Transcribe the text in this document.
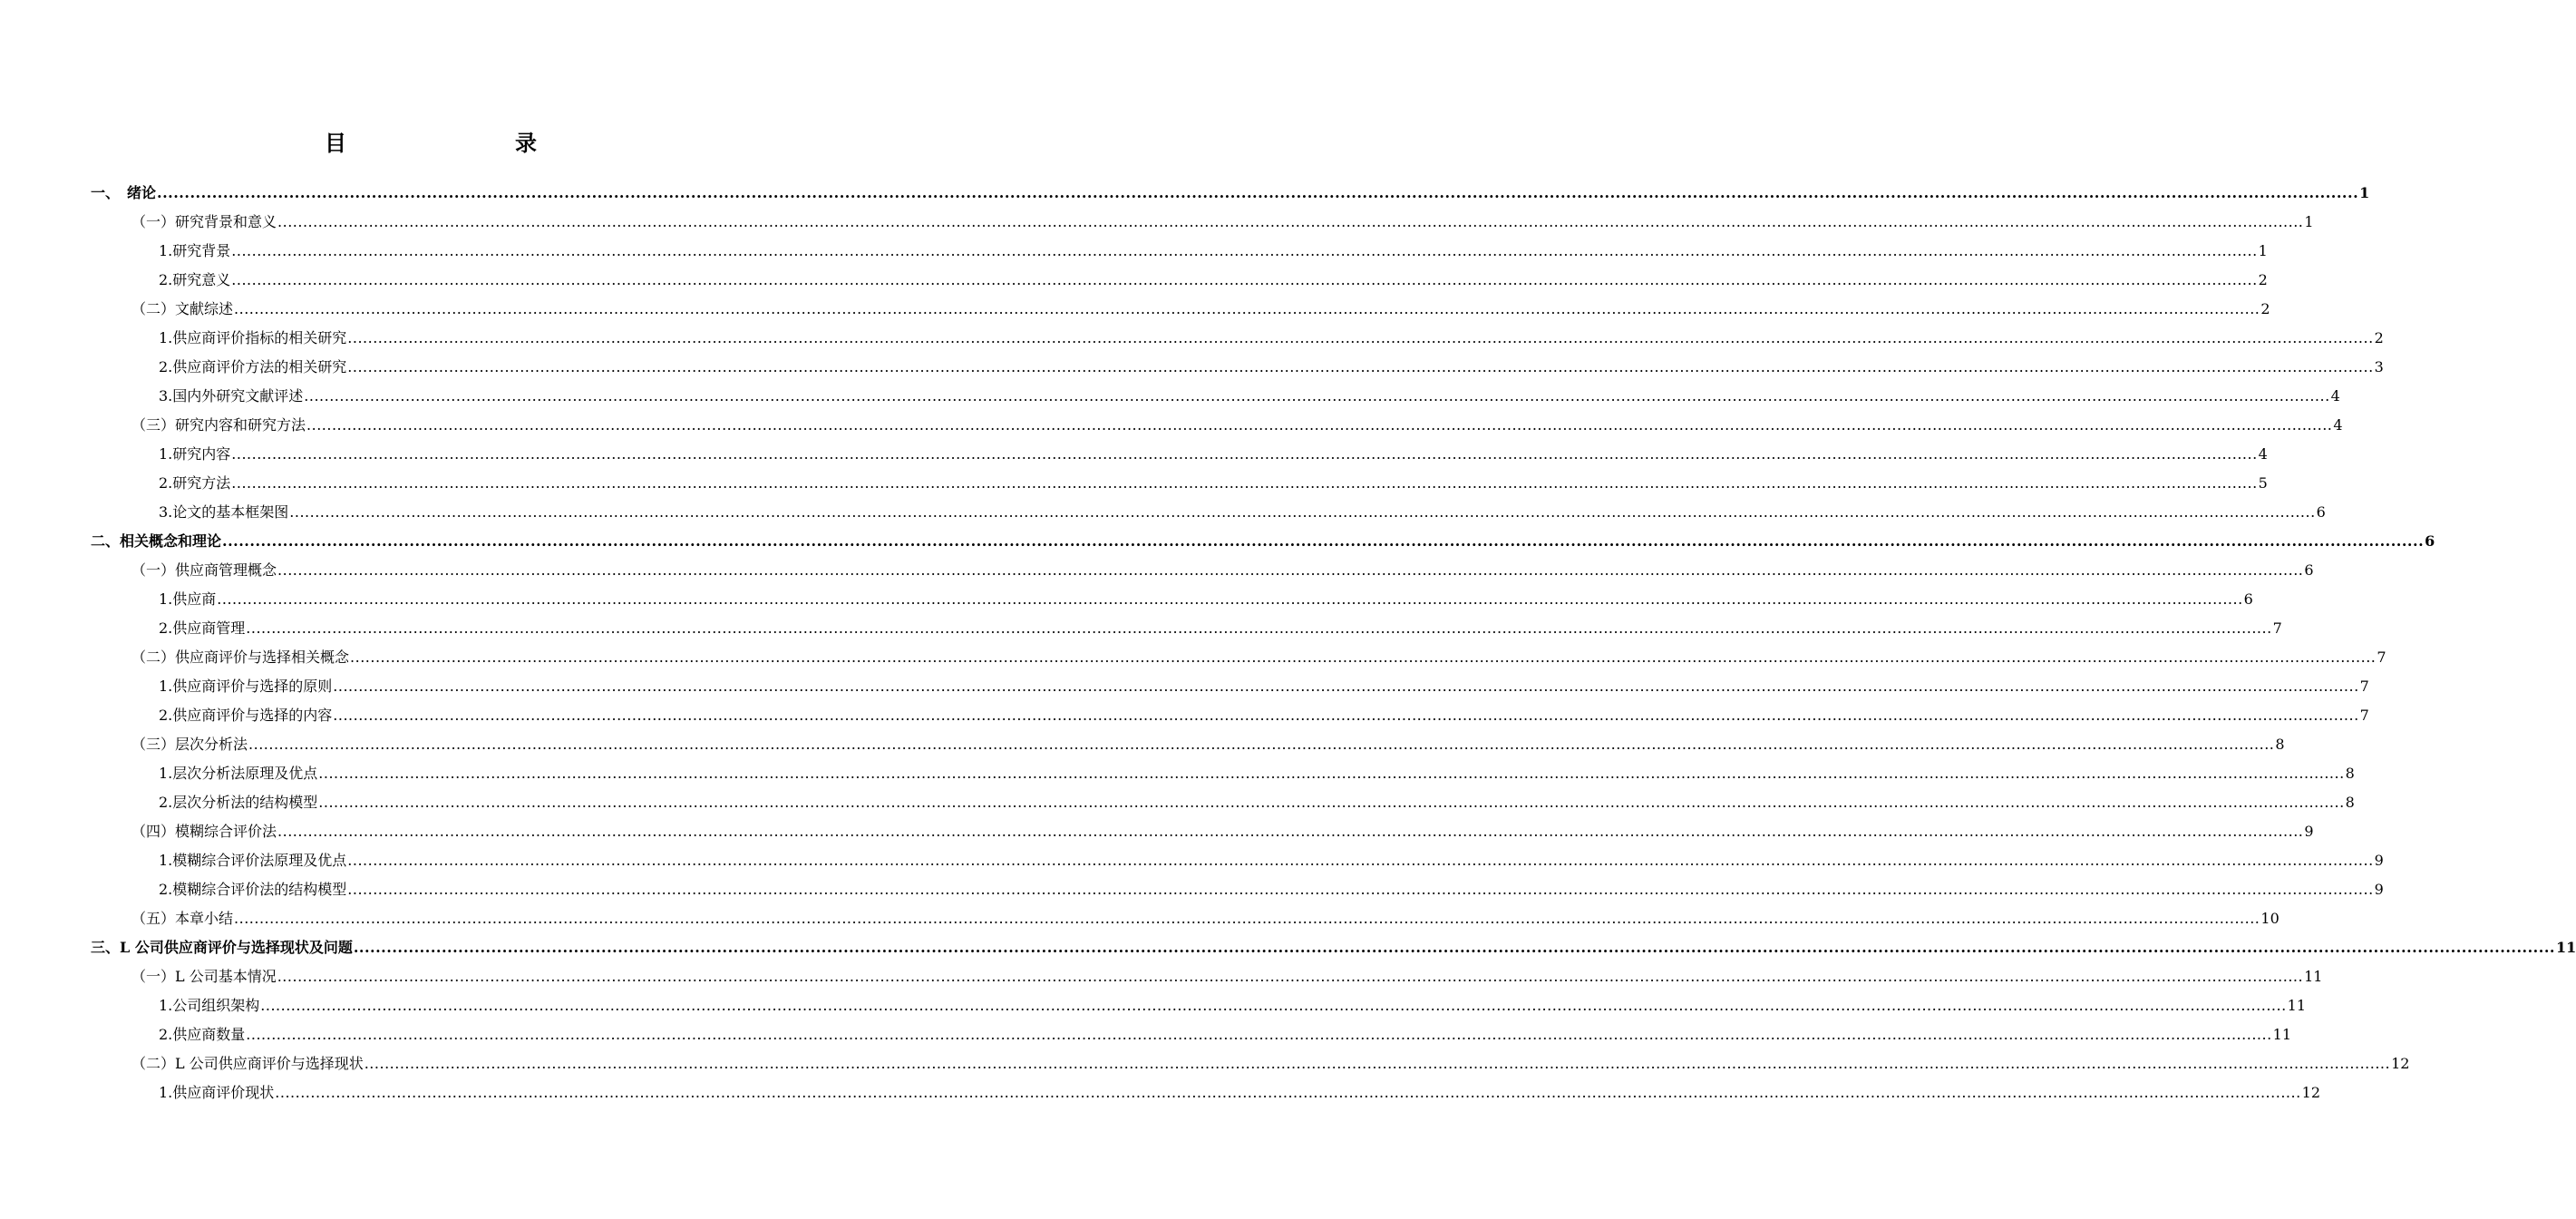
目　　录
一、　绪论 ................................................................................................................................................................................................................................................................................................................................................................................................................ 1
（一）研究背景和意义 ................................................................................................................................................................................................................................................................................................................................................................................................................ 1
1.研究背景 ................................................................................................................................................................................................................................................................................................................................................................................................................ 1
2.研究意义 ................................................................................................................................................................................................................................................................................................................................................................................................................ 2
（二）文献综述 ................................................................................................................................................................................................................................................................................................................................................................................................................ 2
1.供应商评价指标的相关研究 ................................................................................................................................................................................................................................................................................................................................................................................................................ 2
2.供应商评价方法的相关研究 ................................................................................................................................................................................................................................................................................................................................................................................................................ 3
3.国内外研究文献评述 ................................................................................................................................................................................................................................................................................................................................................................................................................ 4
（三）研究内容和研究方法 ................................................................................................................................................................................................................................................................................................................................................................................................................ 4
1.研究内容 ................................................................................................................................................................................................................................................................................................................................................................................................................ 4
2.研究方法 ................................................................................................................................................................................................................................................................................................................................................................................................................ 5
3.论文的基本框架图 ................................................................................................................................................................................................................................................................................................................................................................................................................ 6
二、相关概念和理论 ................................................................................................................................................................................................................................................................................................................................................................................................................ 6
（一）供应商管理概念 ................................................................................................................................................................................................................................................................................................................................................................................................................ 6
1.供应商 ................................................................................................................................................................................................................................................................................................................................................................................................................ 6
2.供应商管理 ................................................................................................................................................................................................................................................................................................................................................................................................................ 7
（二）供应商评价与选择相关概念 ................................................................................................................................................................................................................................................................................................................................................................................................................ 7
1.供应商评价与选择的原则 ................................................................................................................................................................................................................................................................................................................................................................................................................ 7
2.供应商评价与选择的内容 ................................................................................................................................................................................................................................................................................................................................................................................................................ 7
（三）层次分析法 ................................................................................................................................................................................................................................................................................................................................................................................................................ 8
1.层次分析法原理及优点 ................................................................................................................................................................................................................................................................................................................................................................................................................ 8
2.层次分析法的结构模型 ................................................................................................................................................................................................................................................................................................................................................................................................................ 8
（四）模糊综合评价法 ................................................................................................................................................................................................................................................................................................................................................................................................................ 9
1.模糊综合评价法原理及优点 ................................................................................................................................................................................................................................................................................................................................................................................................................ 9
2.模糊综合评价法的结构模型 ................................................................................................................................................................................................................................................................................................................................................................................................................ 9
（五）本章小结 ................................................................................................................................................................................................................................................................................................................................................................................................................ 10
三、L 公司供应商评价与选择现状及问题 ................................................................................................................................................................................................................................................................................................................................................................................................................ 11
（一）L 公司基本情况 ................................................................................................................................................................................................................................................................................................................................................................................................................ 11
1.公司组织架构 ................................................................................................................................................................................................................................................................................................................................................................................................................ 11
2.供应商数量 ................................................................................................................................................................................................................................................................................................................................................................................................................ 11
（二）L 公司供应商评价与选择现状 ................................................................................................................................................................................................................................................................................................................................................................................................................ 12
1.供应商评价现状 ................................................................................................................................................................................................................................................................................................................................................................................................................ 12
